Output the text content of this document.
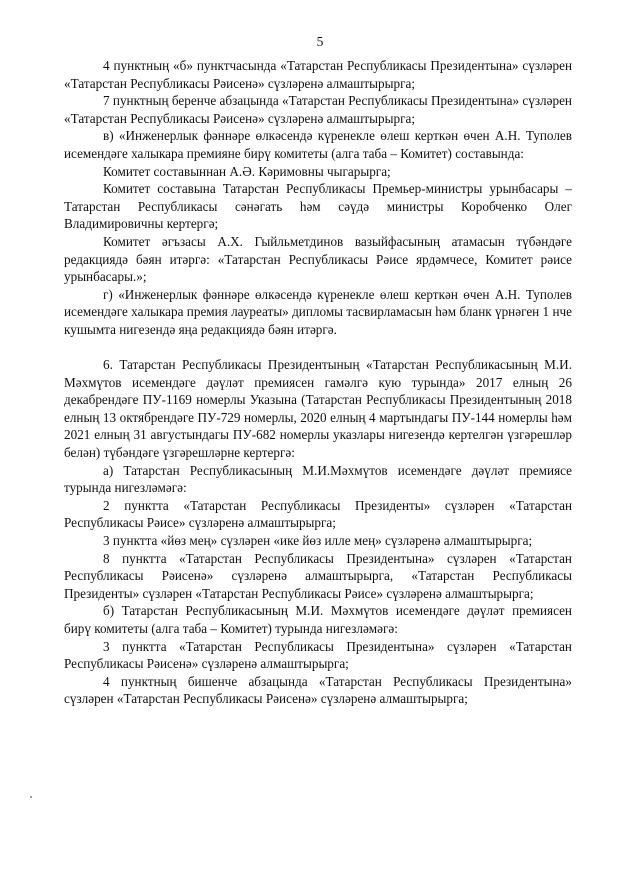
5

4 пунктның «б» пунктчасында «Татарстан Республикасы Президентына» сүзләрен «Татарстан Республикасы Рәисенә» сүзләренә алмаштырырга;

7 пунктның беренче абзацында «Татарстан Республикасы Президентына» сүзләрен «Татарстан Республикасы Рәисенә» сүзләренә алмаштырырга;

в) «Инженерлык фәннәре өлкәсендә күренекле өлеш керткән өчен А.Н. Туполев исемендәге халыкара премияне бирү комитеты (алга таба – Комитет) составында:

Комитет составыннан А.Ә. Кәримовны чыгарырга;

Комитет составына Татарстан Республикасы Премьер-министры урынбасары – Татарстан Республикасы сәнәгать һәм сәүдә министры Коробченко Олег Владимировичны кертергә;

Комитет әгъзасы А.Х. Гыйльметдинов вазыйфасының атамасын түбәндәге редакциядә бәян итәргә: «Татарстан Республикасы Рәисе ярдәмчесе, Комитет рәисе урынбасары.»;

г) «Инженерлык фәннәре өлкәсендә күренекле өлеш керткән өчен А.Н. Туполев исемендәге халыкара премия лауреаты» дипломы тасвирламасын һәм бланк үрнәген 1 нче кушымта нигезендә яңа редакциядә бәян итәргә.

6. Татарстан Республикасы Президентының «Татарстан Республикасының М.И. Мәхмүтов исемендәге дәүләт премиясен гамәлгә кую турында» 2017 елның 26 декабрендәге ПУ-1169 номерлы Указына (Татарстан Республикасы Президентының 2018 елның 13 октябрендәге ПУ-729 номерлы, 2020 елның 4 мартындагы ПУ-144 номерлы һәм 2021 елның 31 августындагы ПУ-682 номерлы указлары нигезендә кертелгән үзгәрешләр белән) түбәндәге үзгәрешләрне кертергә:

а) Татарстан Республикасының М.И.Мәхмүтов исемендәге дәүләт премиясе турында нигезләмәгә:

2 пунктта «Татарстан Республикасы Президенты» сүзләрен «Татарстан Республикасы Рәисе» сүзләренә алмаштырырга;

3 пунктта «йөз мең» сүзләрен «ике йөз илле мең» сүзләренә алмаштырырга;

8 пунктта «Татарстан Республикасы Президентына» сүзләрен «Татарстан Республикасы Рәисенә» сүзләренә алмаштырырга, «Татарстан Республикасы Президенты» сүзләрен «Татарстан Республикасы Рәисе» сүзләренә алмаштырырга;

б) Татарстан Республикасының М.И. Мәхмүтов исемендәге дәүләт премиясен бирү комитеты (алга таба – Комитет) турында нигезләмәгә:

3 пунктта «Татарстан Республикасы Президентына» сүзләрен «Татарстан Республикасы Рәисенә» сүзләренә алмаштырырга;

4 пунктның бишенче абзацында «Татарстан Республикасы Президентына» сүзләрен «Татарстан Республикасы Рәисенә» сүзләренә алмаштырырга;
